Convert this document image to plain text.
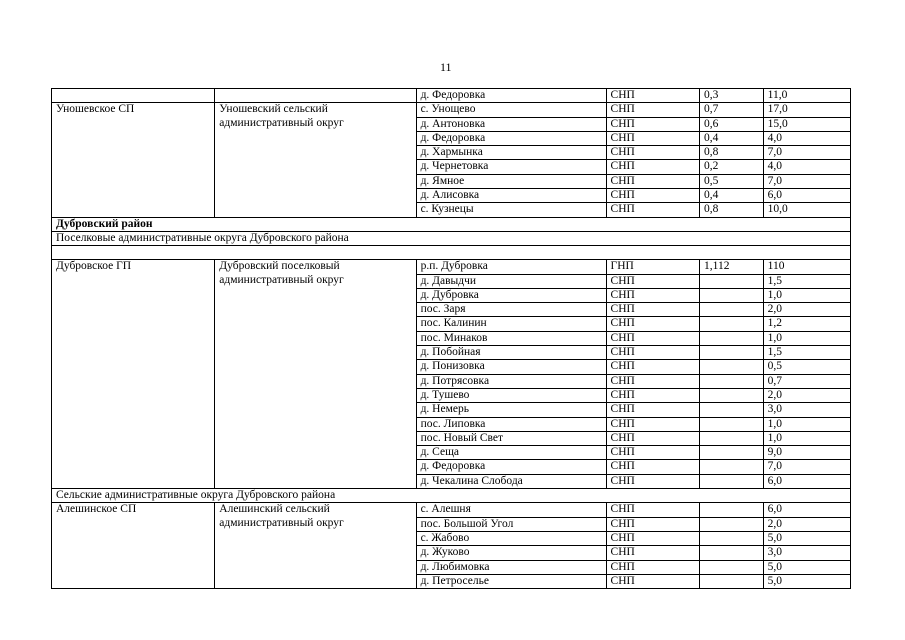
11
		д. Федоровка	СНП	0,3	11,0
Уношевское СП	Уношевский сельский административный округ	с. Унощево	СНП	0,7	17,0
		д. Антоновка	СНП	0,6	15,0
		д. Федоровка	СНП	0,4	4,0
		д. Хармынка	СНП	0,8	7,0
		д. Чернетовка	СНП	0,2	4,0
		д. Ямное	СНП	0,5	7,0
		д. Алисовка	СНП	0,4	6,0
		с. Кузнецы	СНП	0,8	10,0
Дубровский район					
Поселковые административные округа Дубровского района					

Дубровское ГП	Дубровский поселковый административный округ	р.п. Дубровка	ГНП	1,112	110
		д. Давыдчи	СНП		1,5
		д. Дубровка	СНП		1,0
		пос. Заря	СНП		2,0
		пос. Калинин	СНП		1,2
		пос. Минаков	СНП		1,0
		д. Побойная	СНП		1,5
		д. Понизовка	СНП		0,5
		д. Потрясовка	СНП		0,7
		д. Тушево	СНП		2,0
		д. Немерь	СНП		3,0
		пос. Липовка	СНП		1,0
		пос. Новый Свет	СНП		1,0
		д. Сеща	СНП		9,0
		д. Федоровка	СНП		7,0
		д. Чекалина Слобода	СНП		6,0
Сельские административные округа Дубровского района					
Алешинское СП	Алешинский сельский административный округ	с. Алешня	СНП		6,0
		пос. Большой Угол	СНП		2,0
		с. Жабово	СНП		5,0
		д. Жуково	СНП		3,0
		д. Любимовка	СНП		5,0
		д. Петроселье	СНП		5,0
